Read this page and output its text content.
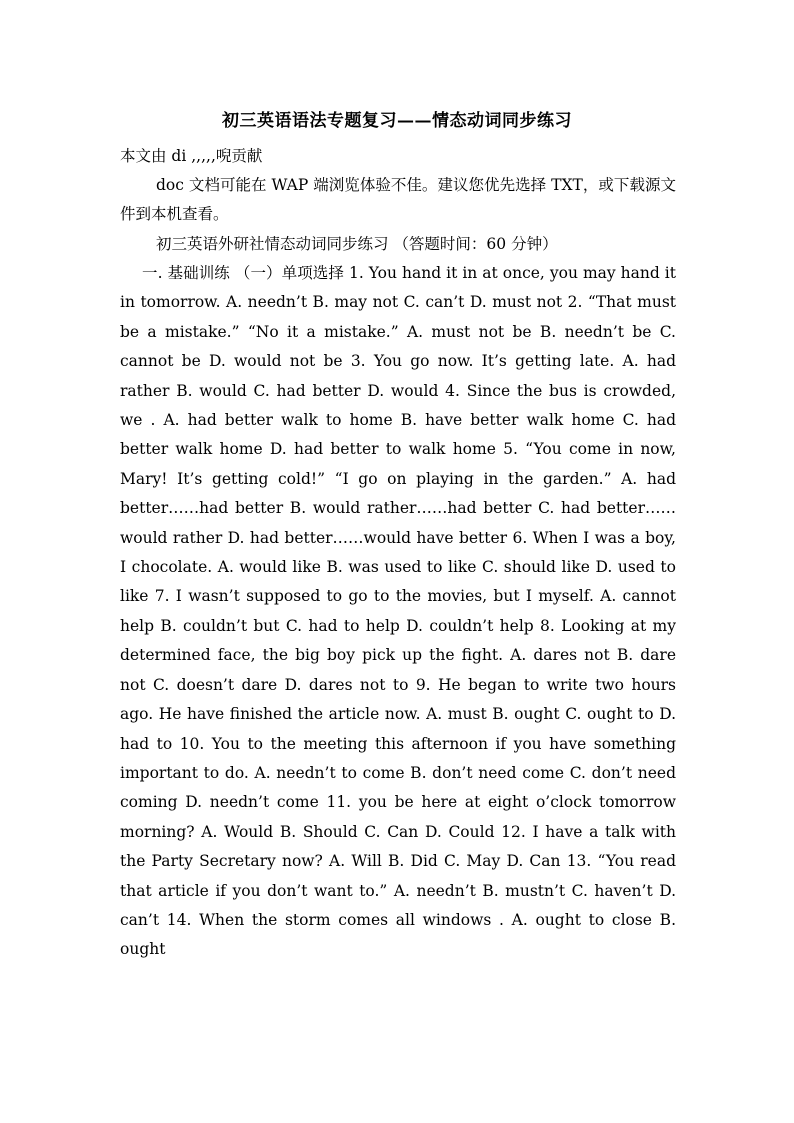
初三英语语法专题复习——情态动词同步练习
本文由 di ,,,,,唲贡献
doc 文档可能在 WAP 端浏览体验不佳。建议您优先选择 TXT，或下载源文件到本机查看。
初三英语外研社情态动词同步练习 （答题时间：60 分钟）
一. 基础训练 （一）单项选择 1. You hand it in at once, you may hand it in tomorrow. A. needn’t B. may not C. can’t D. must not 2. “That must be a mistake.” “No it a mistake.” A. must not be B. needn’t be C. cannot be D. would not be 3. You go now. It’s getting late. A. had rather B. would C. had better D. would 4. Since the bus is crowded, we . A. had better walk to home B. have better walk home C. had better walk home D. had better to walk home 5. “You come in now, Mary! It’s getting cold!” “I go on playing in the garden.” A. had better……had better B. would rather……had better C. had better……would rather D. had better……would have better 6. When I was a boy, I chocolate. A. would like B. was used to like C. should like D. used to like 7. I wasn’t supposed to go to the movies, but I myself. A. cannot help B. couldn’t but C. had to help D. couldn’t help 8. Looking at my determined face, the big boy pick up the fight. A. dares not B. dare not C. doesn’t dare D. dares not to 9. He began to write two hours ago. He have finished the article now. A. must B. ought C. ought to D. had to 10. You to the meeting this afternoon if you have something important to do. A. needn’t to come B. don’t need come C. don’t need coming D. needn’t come 11. you be here at eight o’clock tomorrow morning? A. Would B. Should C. Can D. Could 12. I have a talk with the Party Secretary now? A. Will B. Did C. May D. Can 13. “You read that article if you don’t want to.” A. needn’t B. mustn’t C. haven’t D. can’t 14. When the storm comes all windows . A. ought to close B. ought
